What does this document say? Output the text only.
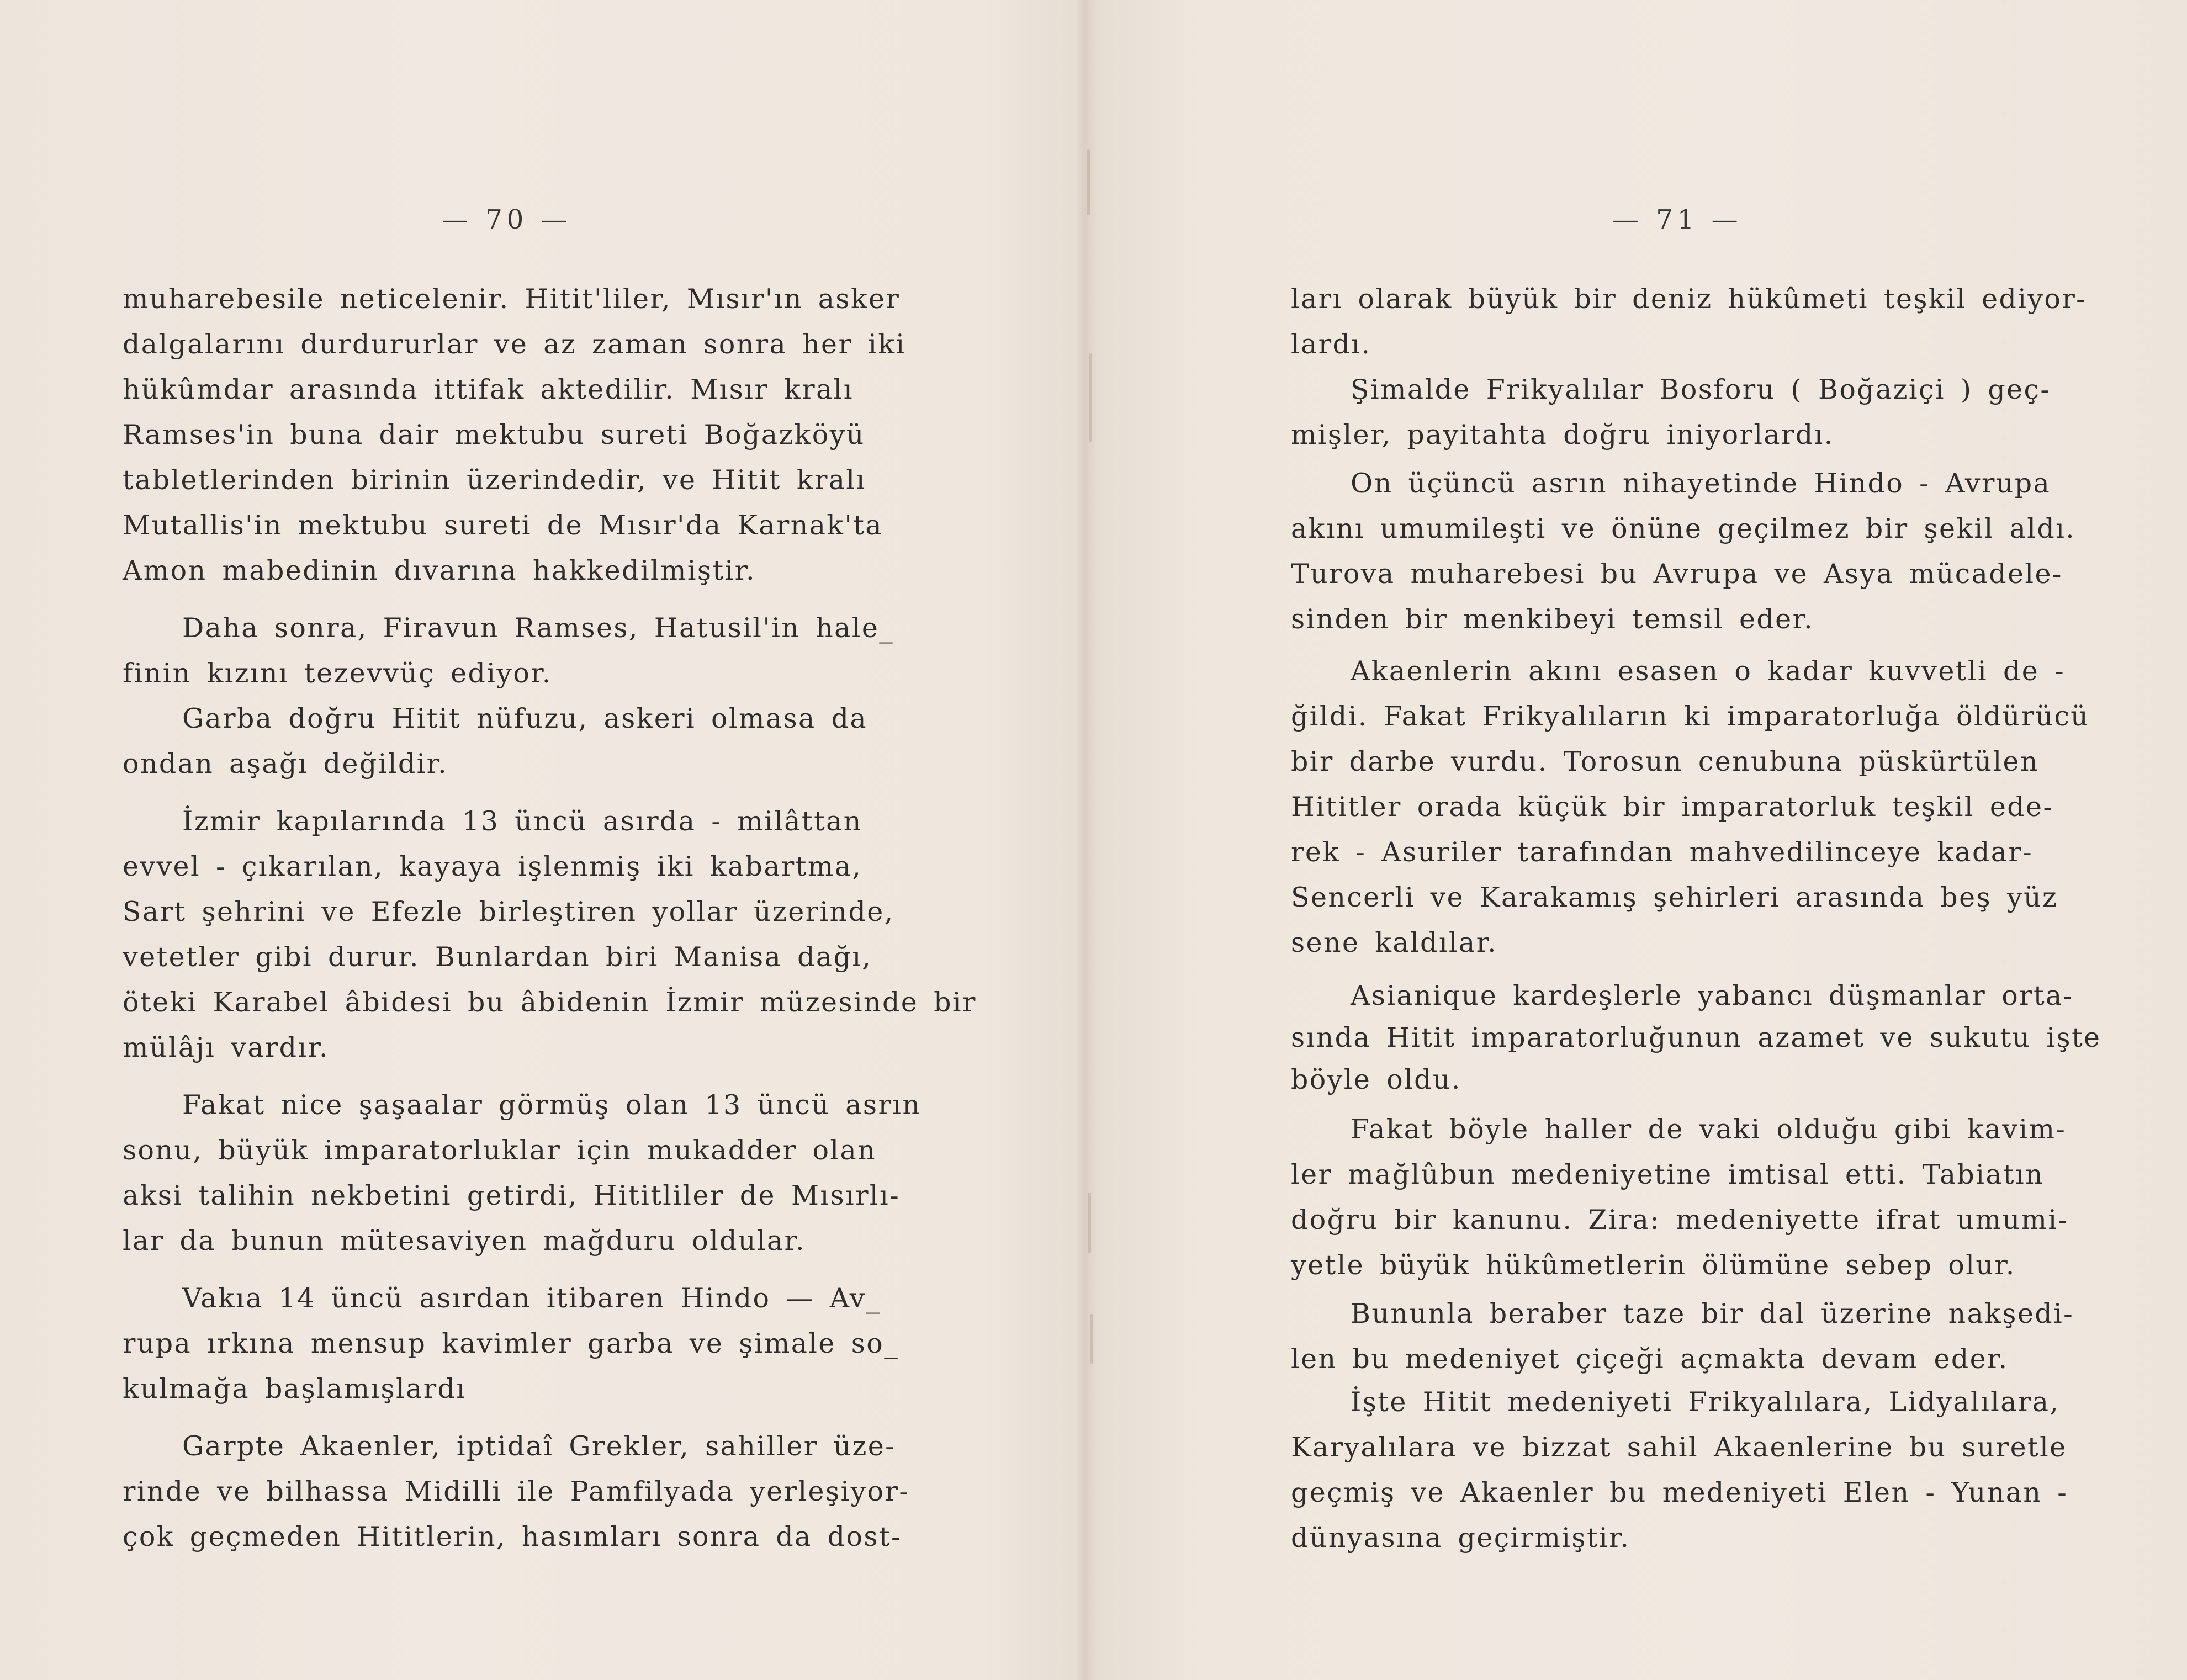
— 70 —
muharebesile neticelenir. Hitit'liler, Mısır'ın asker
dalgalarını durdururlar ve az zaman sonra her iki
hükûmdar arasında ittifak aktedilir. Mısır kralı
Ramses'in buna dair mektubu sureti Boğazköyü
tabletlerinden birinin üzerindedir, ve Hitit kralı
Mutallis'in mektubu sureti de Mısır'da Karnak'ta
Amon mabedinin dıvarına hakkedilmiştir.
Daha sonra, Firavun Ramses, Hatusil'in hale_
finin kızını tezevvüç ediyor.
Garba doğru Hitit nüfuzu, askeri olmasa da
ondan aşağı değildir.
İzmir kapılarında 13 üncü asırda - milâttan
evvel - çıkarılan, kayaya işlenmiş iki kabartma,
Sart şehrini ve Efezle birleştiren yollar üzerinde,
vetetler gibi durur. Bunlardan biri Manisa dağı,
öteki Karabel âbidesi bu âbidenin İzmir müzesinde bir
mülâjı vardır.
Fakat nice şaşaalar görmüş olan 13 üncü asrın
sonu, büyük imparatorluklar için mukadder olan
aksi talihin nekbetini getirdi, Hititliler de Mısırlı-
lar da bunun mütesaviyen mağduru oldular.
Vakıa 14 üncü asırdan itibaren Hindo — Av_
rupa ırkına mensup kavimler garba ve şimale so_
kulmağa başlamışlardı
Garpte Akaenler, iptidaî Grekler, sahiller üze-
rinde ve bilhassa Midilli ile Pamfilyada yerleşiyor-
çok geçmeden Hititlerin, hasımları sonra da dost-
— 71 —
ları olarak büyük bir deniz hükûmeti teşkil ediyor-
lardı.
Şimalde Frikyalılar Bosforu ( Boğaziçi ) geç-
mişler, payitahta doğru iniyorlardı.
On üçüncü asrın nihayetinde Hindo - Avrupa
akını umumileşti ve önüne geçilmez bir şekil aldı.
Turova muharebesi bu Avrupa ve Asya mücadele-
sinden bir menkibeyi temsil eder.
Akaenlerin akını esasen o kadar kuvvetli de -
ğildi. Fakat Frikyalıların ki imparatorluğa öldürücü
bir darbe vurdu. Torosun cenubuna püskürtülen
Hititler orada küçük bir imparatorluk teşkil ede-
rek - Asuriler tarafından mahvedilinceye kadar-
Sencerli ve Karakamış şehirleri arasında beş yüz
sene kaldılar.
Asianique kardeşlerle yabancı düşmanlar orta-
sında Hitit imparatorluğunun azamet ve sukutu işte
böyle oldu.
Fakat böyle haller de vaki olduğu gibi kavim-
ler mağlûbun medeniyetine imtisal etti. Tabiatın
doğru bir kanunu. Zira: medeniyette ifrat umumi-
yetle büyük hükûmetlerin ölümüne sebep olur.
Bununla beraber taze bir dal üzerine nakşedi-
len bu medeniyet çiçeği açmakta devam eder.
İşte Hitit medeniyeti Frikyalılara, Lidyalılara,
Karyalılara ve bizzat sahil Akaenlerine bu suretle
geçmiş ve Akaenler bu medeniyeti Elen - Yunan -
dünyasına geçirmiştir.
